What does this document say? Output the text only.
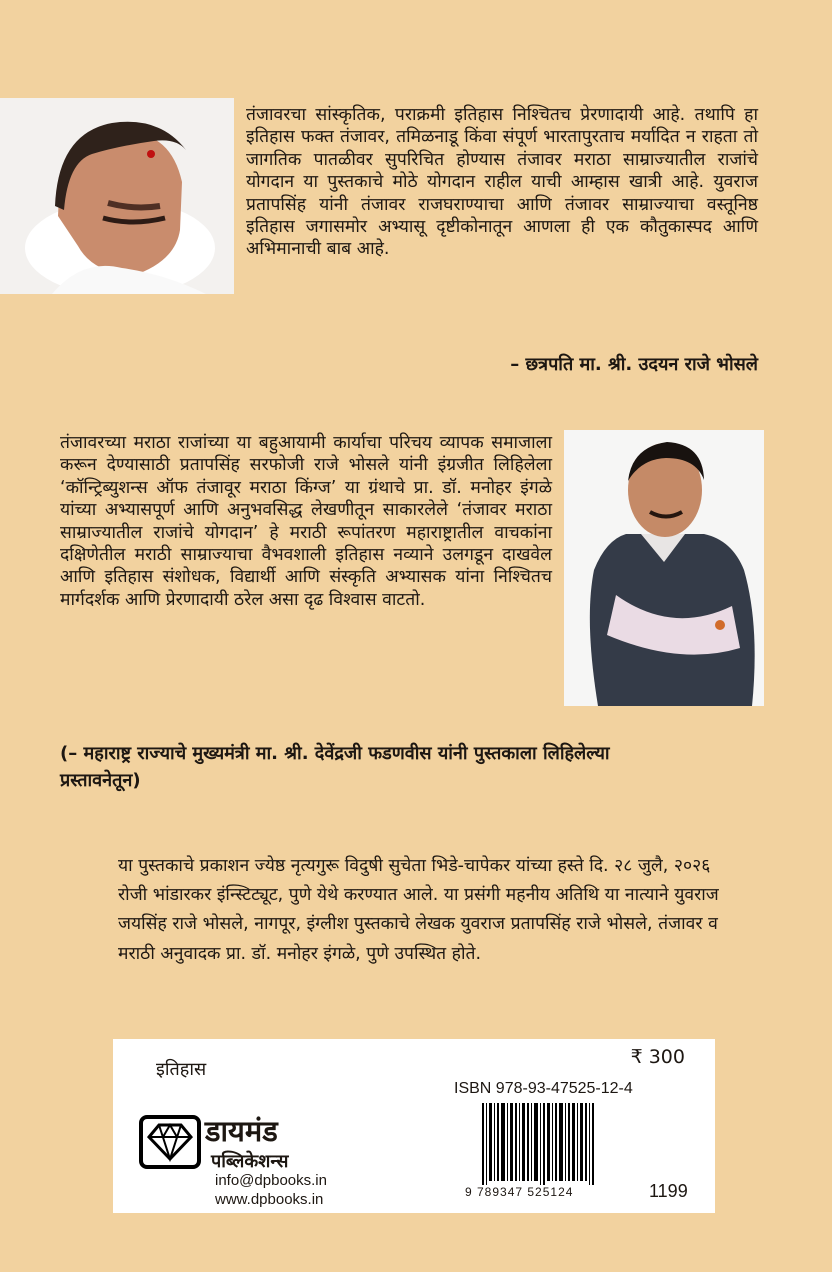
तंजावरचा सांस्कृतिक, पराक्रमी इतिहास निश्चितच प्रेरणादायी आहे. तथापि हा इतिहास फक्त तंजावर, तमिळनाडू किंवा संपूर्ण भारतापुरताच मर्यादित न राहता तो जागतिक पातळीवर सुपरिचित होण्यास तंजावर मराठा साम्राज्यातील राजांचे योगदान या पुस्तकाचे मोठे योगदान राहील याची आम्हास खात्री आहे. युवराज प्रतापसिंह यांनी तंजावर राजघराण्याचा आणि तंजावर साम्राज्याचा वस्तूनिष्ठ इतिहास जगासमोर अभ्यासू दृष्टीकोनातून आणला ही एक कौतुकास्पद आणि अभिमानाची बाब आहे.

– छत्रपति मा. श्री. उदयन राजे भोसले

तंजावरच्या मराठा राजांच्या या बहुआयामी कार्याचा परिचय व्यापक समाजाला करून देण्यासाठी प्रतापसिंह सरफोजी राजे भोसले यांनी इंग्रजीत लिहिलेला ‘कॉन्ट्रिब्युशन्स ऑफ तंजावूर मराठा किंग्ज’ या ग्रंथाचे प्रा. डॉ. मनोहर इंगळे यांच्या अभ्यासपूर्ण आणि अनुभवसिद्ध लेखणीतून साकारलेले ‘तंजावर मराठा साम्राज्यातील राजांचे योगदान’ हे मराठी रूपांतरण महाराष्ट्रातील वाचकांना दक्षिणेतील मराठी साम्राज्याचा वैभवशाली इतिहास नव्याने उलगडून दाखवेल आणि इतिहास संशोधक, विद्यार्थी आणि संस्कृति अभ्यासक यांना निश्चितच मार्गदर्शक आणि प्रेरणादायी ठरेल असा दृढ विश्वास वाटतो.

(– महाराष्ट्र राज्याचे मुख्यमंत्री मा. श्री. देवेंद्रजी फडणवीस यांनी पुस्तकाला लिहिलेल्या प्रस्तावनेतून)

या पुस्तकाचे प्रकाशन ज्येष्ठ नृत्यगुरू विदुषी सुचेता भिडे-चापेकर यांच्या हस्ते दि. २८ जुलै, २०२६ रोजी भांडारकर इंन्स्टिट्यूट, पुणे येथे करण्यात आले. या प्रसंगी महनीय अतिथि या नात्याने युवराज जयसिंह राजे भोसले, नागपूर, इंग्लीश पुस्तकाचे लेखक युवराज प्रतापसिंह राजे भोसले, तंजावर व मराठी अनुवादक प्रा. डॉ. मनोहर इंगळे, पुणे उपस्थित होते.

इतिहास
₹ 300
ISBN 978-93-47525-12-4
9 789347 525124	1199
डायमंड
पब्लिकेशन्स
info@dpbooks.in
www.dpbooks.in
